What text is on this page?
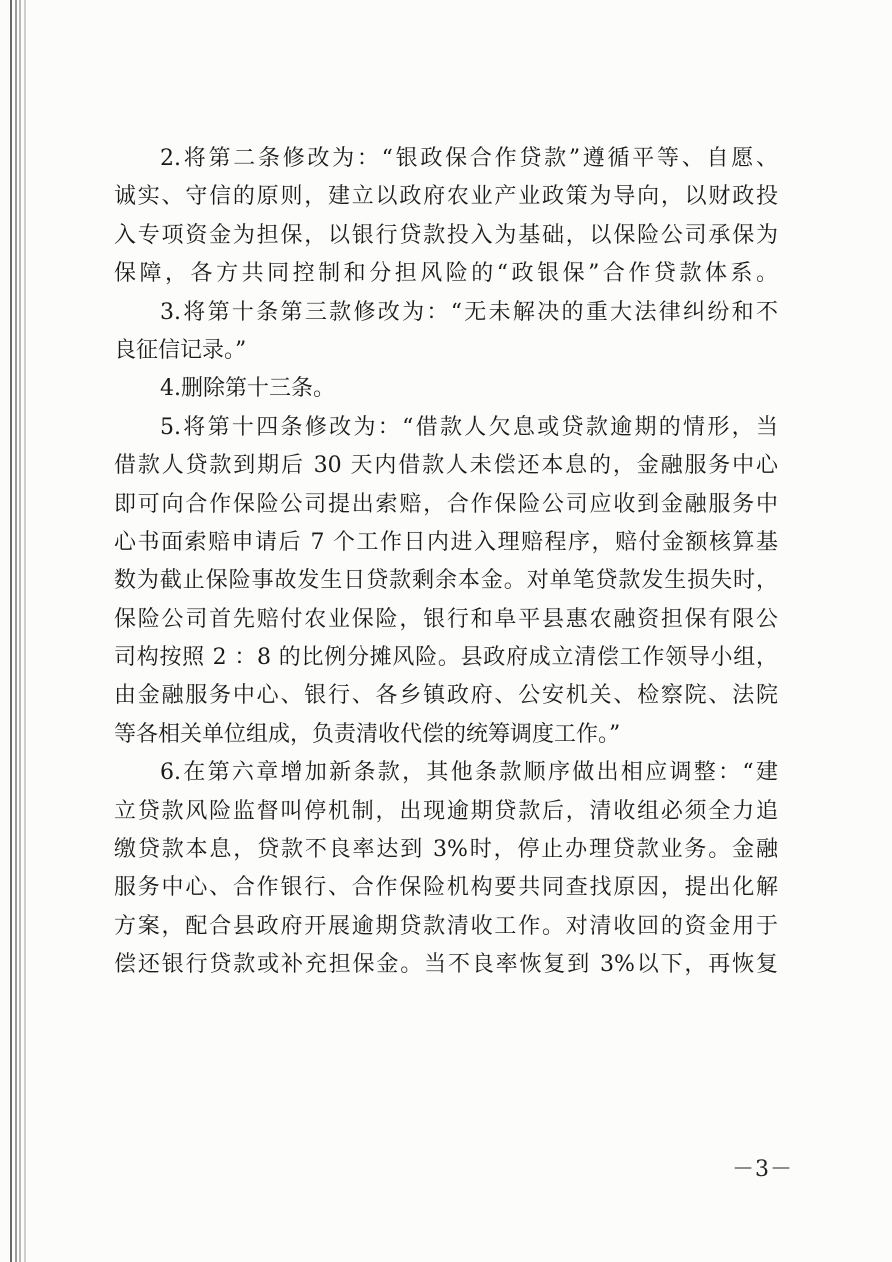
2.将第二条修改为：“银政保合作贷款”遵循平等、自愿、
诚实、守信的原则，建立以政府农业产业政策为导向，以财政投
入专项资金为担保，以银行贷款投入为基础，以保险公司承保为
保障，各方共同控制和分担风险的“政银保”合作贷款体系。
3.将第十条第三款修改为：“无未解决的重大法律纠纷和不
良征信记录。”
4.删除第十三条。
5.将第十四条修改为：“借款人欠息或贷款逾期的情形，当
借款人贷款到期后 30 天内借款人未偿还本息的，金融服务中心
即可向合作保险公司提出索赔，合作保险公司应收到金融服务中
心书面索赔申请后 7 个工作日内进入理赔程序，赔付金额核算基
数为截止保险事故发生日贷款剩余本金。对单笔贷款发生损失时，
保险公司首先赔付农业保险，银行和阜平县惠农融资担保有限公
司构按照 2 ：8 的比例分摊风险。县政府成立清偿工作领导小组，
由金融服务中心、银行、各乡镇政府、公安机关、检察院、法院
等各相关单位组成，负责清收代偿的统筹调度工作。”
6.在第六章增加新条款，其他条款顺序做出相应调整：“建
立贷款风险监督叫停机制，出现逾期贷款后，清收组必须全力追
缴贷款本息，贷款不良率达到 3%时，停止办理贷款业务。金融
服务中心、合作银行、合作保险机构要共同查找原因，提出化解
方案，配合县政府开展逾期贷款清收工作。对清收回的资金用于
偿还银行贷款或补充担保金。当不良率恢复到 3%以下，再恢复
－3－
